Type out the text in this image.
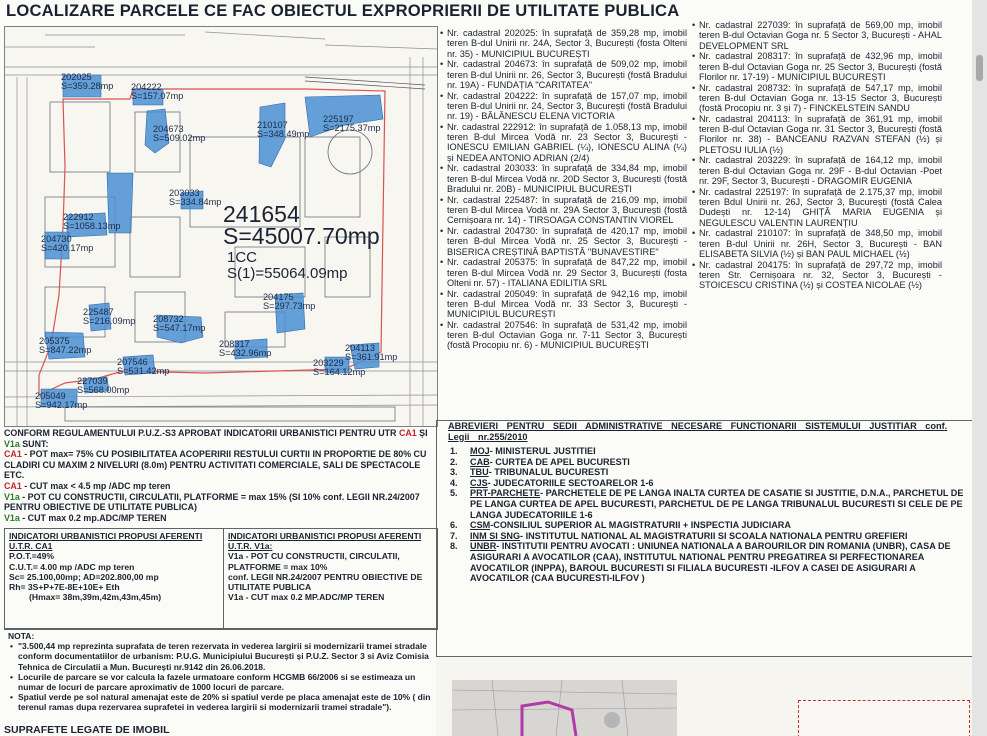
LOCALIZARE PARCELE CE FAC OBIECTUL EXPROPRIERII DE UTILITATE PUBLICA
202025
S=359.28mp 204222
S=157.07mp
204673
S=509.02mp
210107
S=348.49mp
225197
S=2175.37mp
203033
S=334.84mp
222912
S=1058.13mp
204730
S=420.17mp
225487
S=216.09mp 208732
S=547.17mp
204175
S=297.73mp
205375
S=847.22mp
207546
S=531.42mp
208317
S=432.96mp	204113
S=361.91mp
203229
S=164.12mp
227039
S=568.00mp
205049
S=942.17mp
241654
S=45007.70mp
1CC
S(1)=55064.09mp
• Nr. cadastral 202025: în suprafață de 359,28 mp, imobil teren B-dul Unirii nr. 24A, Sector 3, București (fosta Olteni nr. 35) - MUNICIPIUL BUCUREȘTI
• Nr. cadastral 204673: în suprafață de 509,02 mp, imobil teren B-dul Unirii nr. 26, Sector 3, București (fostă Bradului nr. 19A) - FUNDAȚIA "CARITATEA"
• Nr. cadastral 204222: în suprafață de 157,07 mp, imobil teren B-dul Unirii nr. 24, Sector 3, București (fostă Bradului nr. 19) - BĂLĂNESCU ELENA VICTORIA
• Nr. cadastral 222912: în suprafață de 1.058,13 mp, imobil teren B-dul Mircea Vodă nr. 23 Sector 3, București - IONESCU EMILIAN GABRIEL (¼), IONESCU ALINA (¼) și NEDEA ANTONIO ADRIAN (2/4)
• Nr. cadastral 203033: în suprafață de 334,84 mp, imobil teren B-dul Mircea Vodă nr. 20D Sector 3, București (fostă Bradului nr. 20B) - MUNICIPIUL BUCUREȘTI
• Nr. cadastral 225487: în suprafață de 216,09 mp, imobil teren B-dul Mircea Vodă nr. 29A Sector 3, București (fostă Cernișoara nr. 14) - TIRSOAGA CONSTANTIN VIOREL
• Nr. cadastral 204730: în suprafață de 420,17 mp, imobil teren B-dul Mircea Vodă nr. 25 Sector 3, București - BISERICA CREȘTINĂ BAPTISTĂ "BUNAVESTIRE"
• Nr. cadastral 205375: în suprafață de 847,22 mp, imobil teren B-dul Mircea Vodă nr. 29 Sector 3, București (fosta Olteni nr. 57) - ITALIANA EDILITIA SRL
• Nr. cadastral 205049: în suprafață de 942,16 mp, imobil teren B-dul Mircea Vodă nr. 33 Sector 3, București - MUNICIPIUL BUCUREȘTI
• Nr. cadastral 207546: în suprafață de 531,42 mp, imobil teren B-dul Octavian Goga nr. 7-11 Sector 3, București (fostă Procopiu nr. 6) - MUNICIPIUL BUCUREȘTI
• Nr. cadastral 227039: în suprafață de 569,00 mp, imobil teren B-dul Octavian Goga nr. 5 Sector 3, București - AHAL DEVELOPMENT SRL
• Nr. cadastral 208317: în suprafață de 432,96 mp, imobil teren B-dul Octavian Goga nr. 25 Sector 3, București (fostă Florilor nr. 17-19) - MUNICIPIUL BUCUREȘTI
• Nr. cadastral 208732: în suprafață de 547,17 mp, imobil teren B-dul Octavian Goga nr. 13-15 Sector 3, București (fostă Procopiu nr. 3 și 7) - FINCKELSTEIN SANDU
• Nr. cadastral 204113: în suprafață de 361,91 mp, imobil teren B-dul Octavian Goga nr. 31 Sector 3, București (fostă Florilor nr. 38) - BANCEANU RAZVAN STEFAN (½) și PLETOSU IULIA (½)
• Nr. cadastral 203229: în suprafață de 164,12 mp, imobil teren B-dul Octavian Goga nr. 29F - B-dul Octavian -Poet nr. 29F, Sector 3, București - DRAGOMIR EUGENIA
• Nr. cadastral 225197: în suprafață de 2.175,37 mp, imobil teren Bdul Unirii nr. 26J, Sector 3, București (fostă Calea Dudești nr. 12-14) GHIȚĂ MARIA EUGENIA și NEGULESCU VALENTIN LAURENȚIU
• Nr. cadastral 210107: în suprafață de 348,50 mp, imobil teren B-dul Unirii nr. 26H, Sector 3, București - BAN ELISABETA SILVIA (½) și BAN PAUL MICHAEL (½)
• Nr. cadastral 204175: în suprafață de 297,72 mp, imobil teren Str. Cernișoara nr. 32, Sector 3, București - STOICESCU CRISTINA (½) și COSTEA NICOLAE (½)
CONFORM REGULAMENTULUI P.U.Z.-S3 APROBAT INDICATORII URBANISTICI PENTRU UTR CA1 ȘI V1a SUNT:
CA1 - POT max= 75% CU POSIBILITATEA ACOPERIRII RESTULUI CURTII IN PROPORTIE DE 80% CU CLADIRI CU MAXIM 2 NIVELURI (8.0m) PENTRU ACTIVITATI COMERCIALE, SALI DE SPECTACOLE ETC.
CA1 - CUT max < 4.5 mp /ADC mp teren
V1a - POT CU CONSTRUCTII, CIRCULATII, PLATFORME = max 15% (SI 10% conf. LEGII NR.24/2007 PENTRU OBIECTIVE DE UTILITATE PUBLICA)
V1a - CUT max 0.2 mp.ADC/MP TEREN
INDICATORI URBANISTICI PROPUSI AFERENTI U.T.R. CA1
P.O.T.=49%
C.U.T.= 4.00 mp /ADC mp teren
Sc= 25.100,00mp; AD=202.800,00 mp
Rh= 3S+P+7E-8E+10E+ Eth
(Hmax= 38m,39m,42m,43m,45m)
INDICATORI URBANISTICI PROPUSI AFERENTI U.T.R. V1a:
V1a - POT CU CONSTRUCTII, CIRCULATII, PLATFORME = max 10%
conf. LEGII NR.24/2007 PENTRU OBIECTIVE DE UTILITATE PUBLICA
V1a - CUT max 0.2 MP.ADC/MP TEREN
NOTA:
• "3.500,44 mp reprezinta suprafata de teren rezervata in vederea largirii si modernizarii tramei stradale conform documentatiilor de urbanism: P.U.G. Municipiului București și P.U.Z. Sector 3 si Aviz Comisia Tehnica de Circulatii a Mun. București nr.9142 din 26.06.2018.
• Locurile de parcare se vor calcula la fazele urmatoare conform HCGMB 66/2006 si se estimeaza un numar de locuri de parcare aproximativ de 1000 locuri de parcare.
• Spatiul verde pe sol natural amenajat este de 20% si spatiul verde pe placa amenajat este de 10% ( din terenul ramas dupa rezervarea suprafetei in vederea largirii si modernizarii tramei stradale").
SUPRAFETE LEGATE DE IMOBIL
ABREVIERI PENTRU SEDII ADMINISTRATIVE NECESARE FUNCTIONARII SISTEMULUI JUSTITIAR conf. Legii nr.255/2010
1. MOJ- MINISTERUL JUSTITIEI
2. CAB- CURTEA DE APEL BUCURESTI
3. TBU- TRIBUNALUL BUCURESTI
4. CJS- JUDECATORIILE SECTOARELOR 1-6
5. PRT-PARCHETE- PARCHETELE DE PE LANGA INALTA CURTEA DE CASATIE SI JUSTITIE, D.N.A., PARCHETUL DE PE LANGA CURTEA DE APEL BUCURESTI, PARCHETUL DE PE LANGA TRIBUNALUL BUCURESTI SI CELE DE PE LANGA JUDECATORIILE 1-6
6. CSM-CONSILIUL SUPERIOR AL MAGISTRATURII + INSPECTIA JUDICIARA
7. INM SI SNG- INSTITUTUL NATIONAL AL MAGISTRATURII SI SCOALA NATIONALA PENTRU GREFIERI
8. UNBR- INSTITUTII PENTRU AVOCATI : UNIUNEA NATIONALA A BAROURILOR DIN ROMANIA (UNBR), CASA DE ASIGURARI A AVOCATILOR (CAA), INSTITUTUL NATIONAL PENTRU PREGATIREA SI PERFECTIONAREA AVOCATILOR (INPPA), BAROUL BUCURESTI SI FILIALA BUCURESTI -ILFOV A CASEI DE ASIGURARI A AVOCATILOR (CAA BUCURESTI-ILFOV )
